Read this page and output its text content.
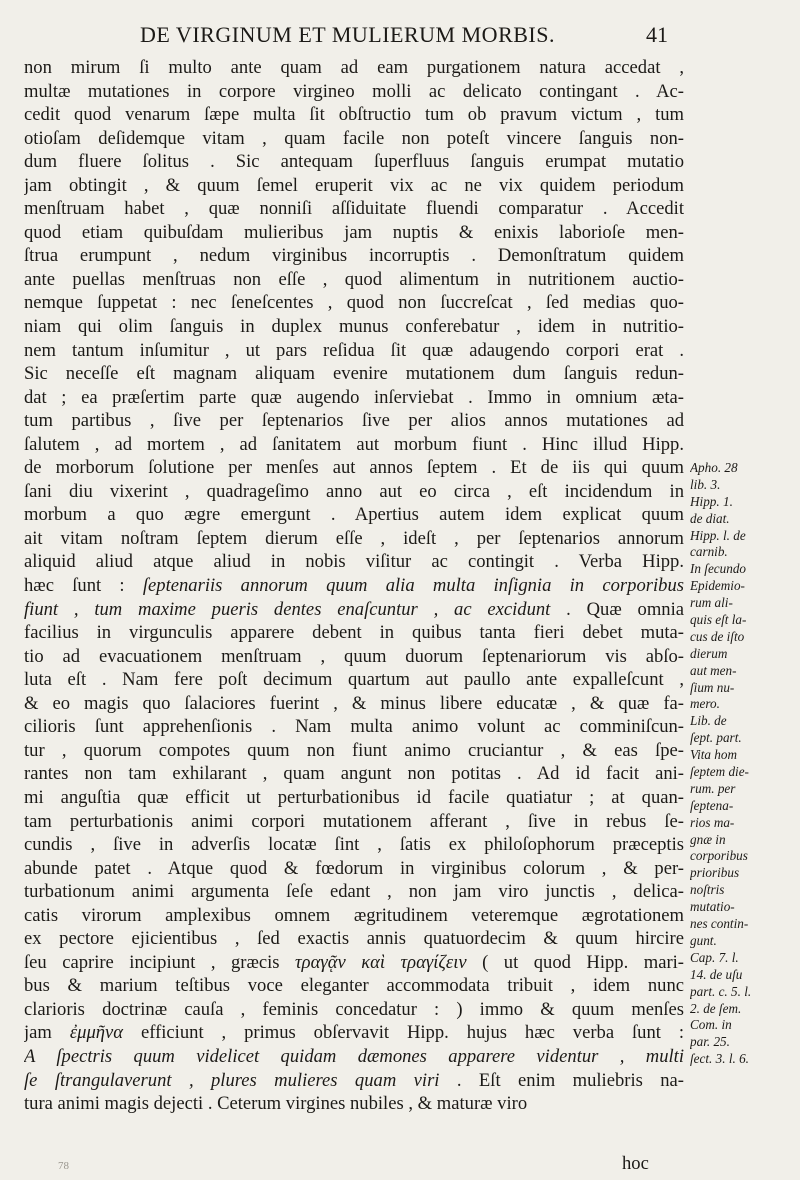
DE VIRGINUM ET MULIERUM MORBIS.	41
non mirum ſi multo ante quam ad eam purgationem natura accedat ,
multæ mutationes in corpore virgineo molli ac delicato contingant . Ac-
cedit quod venarum ſæpe multa ſit obſtructio tum ob pravum victum , tum
otioſam deſidemque vitam , quam facile non poteſt vincere ſanguis non-
dum fluere ſolitus . Sic antequam ſuperfluus ſanguis erumpat mutatio
jam obtingit , & quum ſemel eruperit vix ac ne vix quidem periodum
menſtruam habet , quæ nonniſi aſſiduitate fluendi comparatur . Accedit
quod etiam quibuſdam mulieribus jam nuptis & enixis laborioſe men-
ſtrua erumpunt , nedum virginibus incorruptis . Demonſtratum quidem
ante puellas menſtruas non eſſe , quod alimentum in nutritionem auctio-
nemque ſuppetat : nec ſeneſcentes , quod non ſuccreſcat , ſed medias quo-
niam qui olim ſanguis in duplex munus conferebatur , idem in nutritio-
nem tantum inſumitur , ut pars reſidua ſit quæ adaugendo corpori erat .
Sic neceſſe eſt magnam aliquam evenire mutationem dum ſanguis redun-
dat ; ea præſertim parte quæ augendo inſerviebat . Immo in omnium æta-
tum partibus , ſive per ſeptenarios ſive per alios annos mutationes ad
ſalutem , ad mortem , ad ſanitatem aut morbum fiunt . Hinc illud Hipp.
de morborum ſolutione per menſes aut annos ſeptem . Et de iis qui quum
ſani diu vixerint , quadrageſimo anno aut eo circa , eſt incidendum in
morbum a quo ægre emergunt . Apertius autem idem explicat quum
ait vitam noſtram ſeptem dierum eſſe , ideſt , per ſeptenarios annorum
aliquid aliud atque aliud in nobis viſitur ac contingit . Verba Hipp.
hæc ſunt : ſeptenariis annorum quum alia multa inſignia in corporibus
fiunt , tum maxime pueris dentes enaſcuntur , ac excidunt . Quæ omnia
facilius in virgunculis apparere debent in quibus tanta fieri debet muta-
tio ad evacuationem menſtruam , quum duorum ſeptenariorum vis abſo-
luta eſt . Nam fere poſt decimum quartum aut paullo ante expalleſcunt ,
& eo magis quo ſalaciores fuerint , & minus libere educatæ , & quæ fa-
cilioris ſunt apprehenſionis . Nam multa animo volunt ac comminiſcun-
tur , quorum compotes quum non fiunt animo cruciantur , & eas ſpe-
rantes non tam exhilarant , quam angunt non potitas . Ad id facit ani-
mi anguſtia quæ efficit ut perturbationibus id facile quatiatur ; at quan-
tam perturbationis animi corpori mutationem afferant , ſive in rebus ſe-
cundis , ſive in adverſis locatæ ſint , ſatis ex philoſophorum præceptis
abunde patet . Atque quod & fœdorum in virginibus colorum , & per-
turbationum animi argumenta ſeſe edant , non jam viro junctis , delica-
catis virorum amplexibus omnem ægritudinem veteremque ægrotationem
ex pectore ejicientibus , ſed exactis annis quatuordecim & quum hircire
ſeu caprire incipiunt , græcis τραγᾷν καὶ τραγίζειν ( ut quod Hipp. mari-
bus & marium teſtibus voce eleganter accommodata tribuit , idem nunc
clarioris doctrinæ cauſa , feminis concedatur : ) immo & quum menſes
jam ἐμμῆνα efficiunt , primus obſervavit Hipp. hujus hæc verba ſunt :
A ſpectris quum videlicet quidam dæmones apparere videntur , multi
ſe ſtrangulaverunt , plures mulieres quam viri . Eſt enim muliebris na-
tura animi magis dejecti . Ceterum virgines nubiles , & maturæ viro
hoc
Apho. 28
lib. 3.
Hipp. 1.
de diat.
Hipp. l. de
carnib.
In ſecundo
Epidemio-
rum ali-
quis eſt la-
cus de iſto
dierum
aut men-
ſium nu-
mero.
Lib. de
ſept. part.
Vita hom
ſeptem die-
rum. per
ſeptena-
rios ma-
gnæ in
corporibus
prioribus
noſtris
mutatio-
nes contin-
gunt.
Cap. 7. l.
14. de uſu
part. c. 5. l.
2. de ſem.
Com. in
par. 25.
ſect. 3. l. 6.
78
